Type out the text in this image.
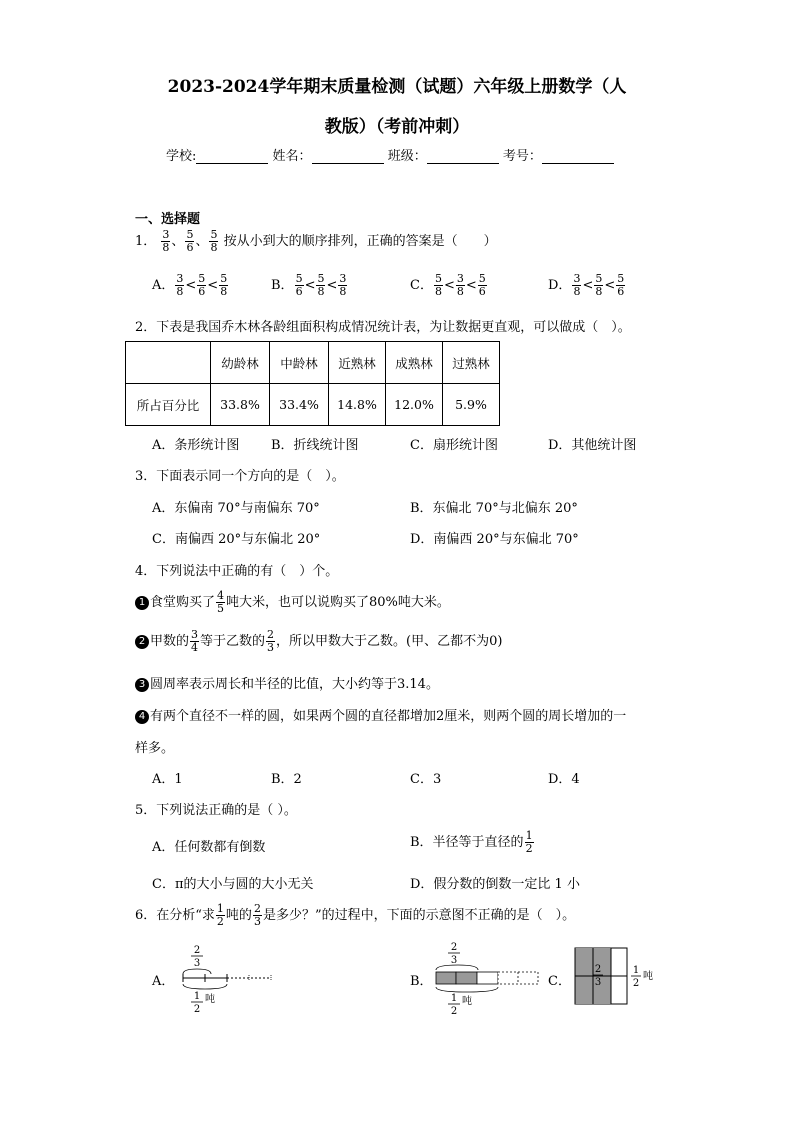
2023-2024学年期末质量检测（试题）六年级上册数学（人
教版）（考前冲刺）
学校:	姓名：	班级：	考号：
一、选择题
1． $\frac{3}{8}$ 、 $\frac{5}{6}$ 、 $\frac{5}{8}$ 按从小到大的顺序排列，正确的答案是（　　）
A． $\frac{3}{8} < \frac{5}{6} < \frac{5}{8}$	B． $\frac{5}{6} < \frac{5}{8} < \frac{3}{8}$	C． $\frac{5}{8} < \frac{3}{8} < \frac{5}{6}$	D． $\frac{3}{8} < \frac{5}{8} < \frac{5}{6}$
2．下表是我国乔木林各龄组面积构成情况统计表，为让数据更直观，可以做成（　）。
	幼龄林	中龄林	近熟林	成熟林	过熟林
所占百分比	33.8%	33.4%	14.8%	12.0%	5.9%
A．条形统计图 B．折线统计图	C．扇形统计图	D．其他统计图
3．下面表示同一个方向的是（　）。
A．东偏南 70°与南偏东 70°	B．东偏北 70°与北偏东 20°
C．南偏西 20°与东偏北 20°	D．南偏西 20°与东偏北 70°
4．下列说法中正确的有（　）个。
1 食堂购买了 $\frac{4}{5}$ 吨大米，也可以说购买了80%吨大米。
2 甲数的 $\frac{3}{4}$ 等于乙数的 $\frac{2}{3}$ ，所以甲数大于乙数。(甲、乙都不为0)
3 圆周率表示周长和半径的比值，大小约等于3.14。
4 有两个直径不一样的圆，如果两个圆的直径都增加2厘米，则两个圆的周长增加的一
样多。
A．1	B．2	C．3	D．4
5．下列说法正确的是（ ）。
A．任何数都有倒数	B．半径等于直径的 $\frac{1}{2}$
C．π的大小与圆的大小无关	D．假分数的倒数一定比 1 小
6．在分析“求 $\frac{1}{2}$ 吨的 $\frac{2}{3}$ 是多少？”的过程中，下面的示意图不正确的是（　）。
A．
2
3
1
2
吨
B．
2
3
1
2
吨
C．
2
3
1
2
吨
